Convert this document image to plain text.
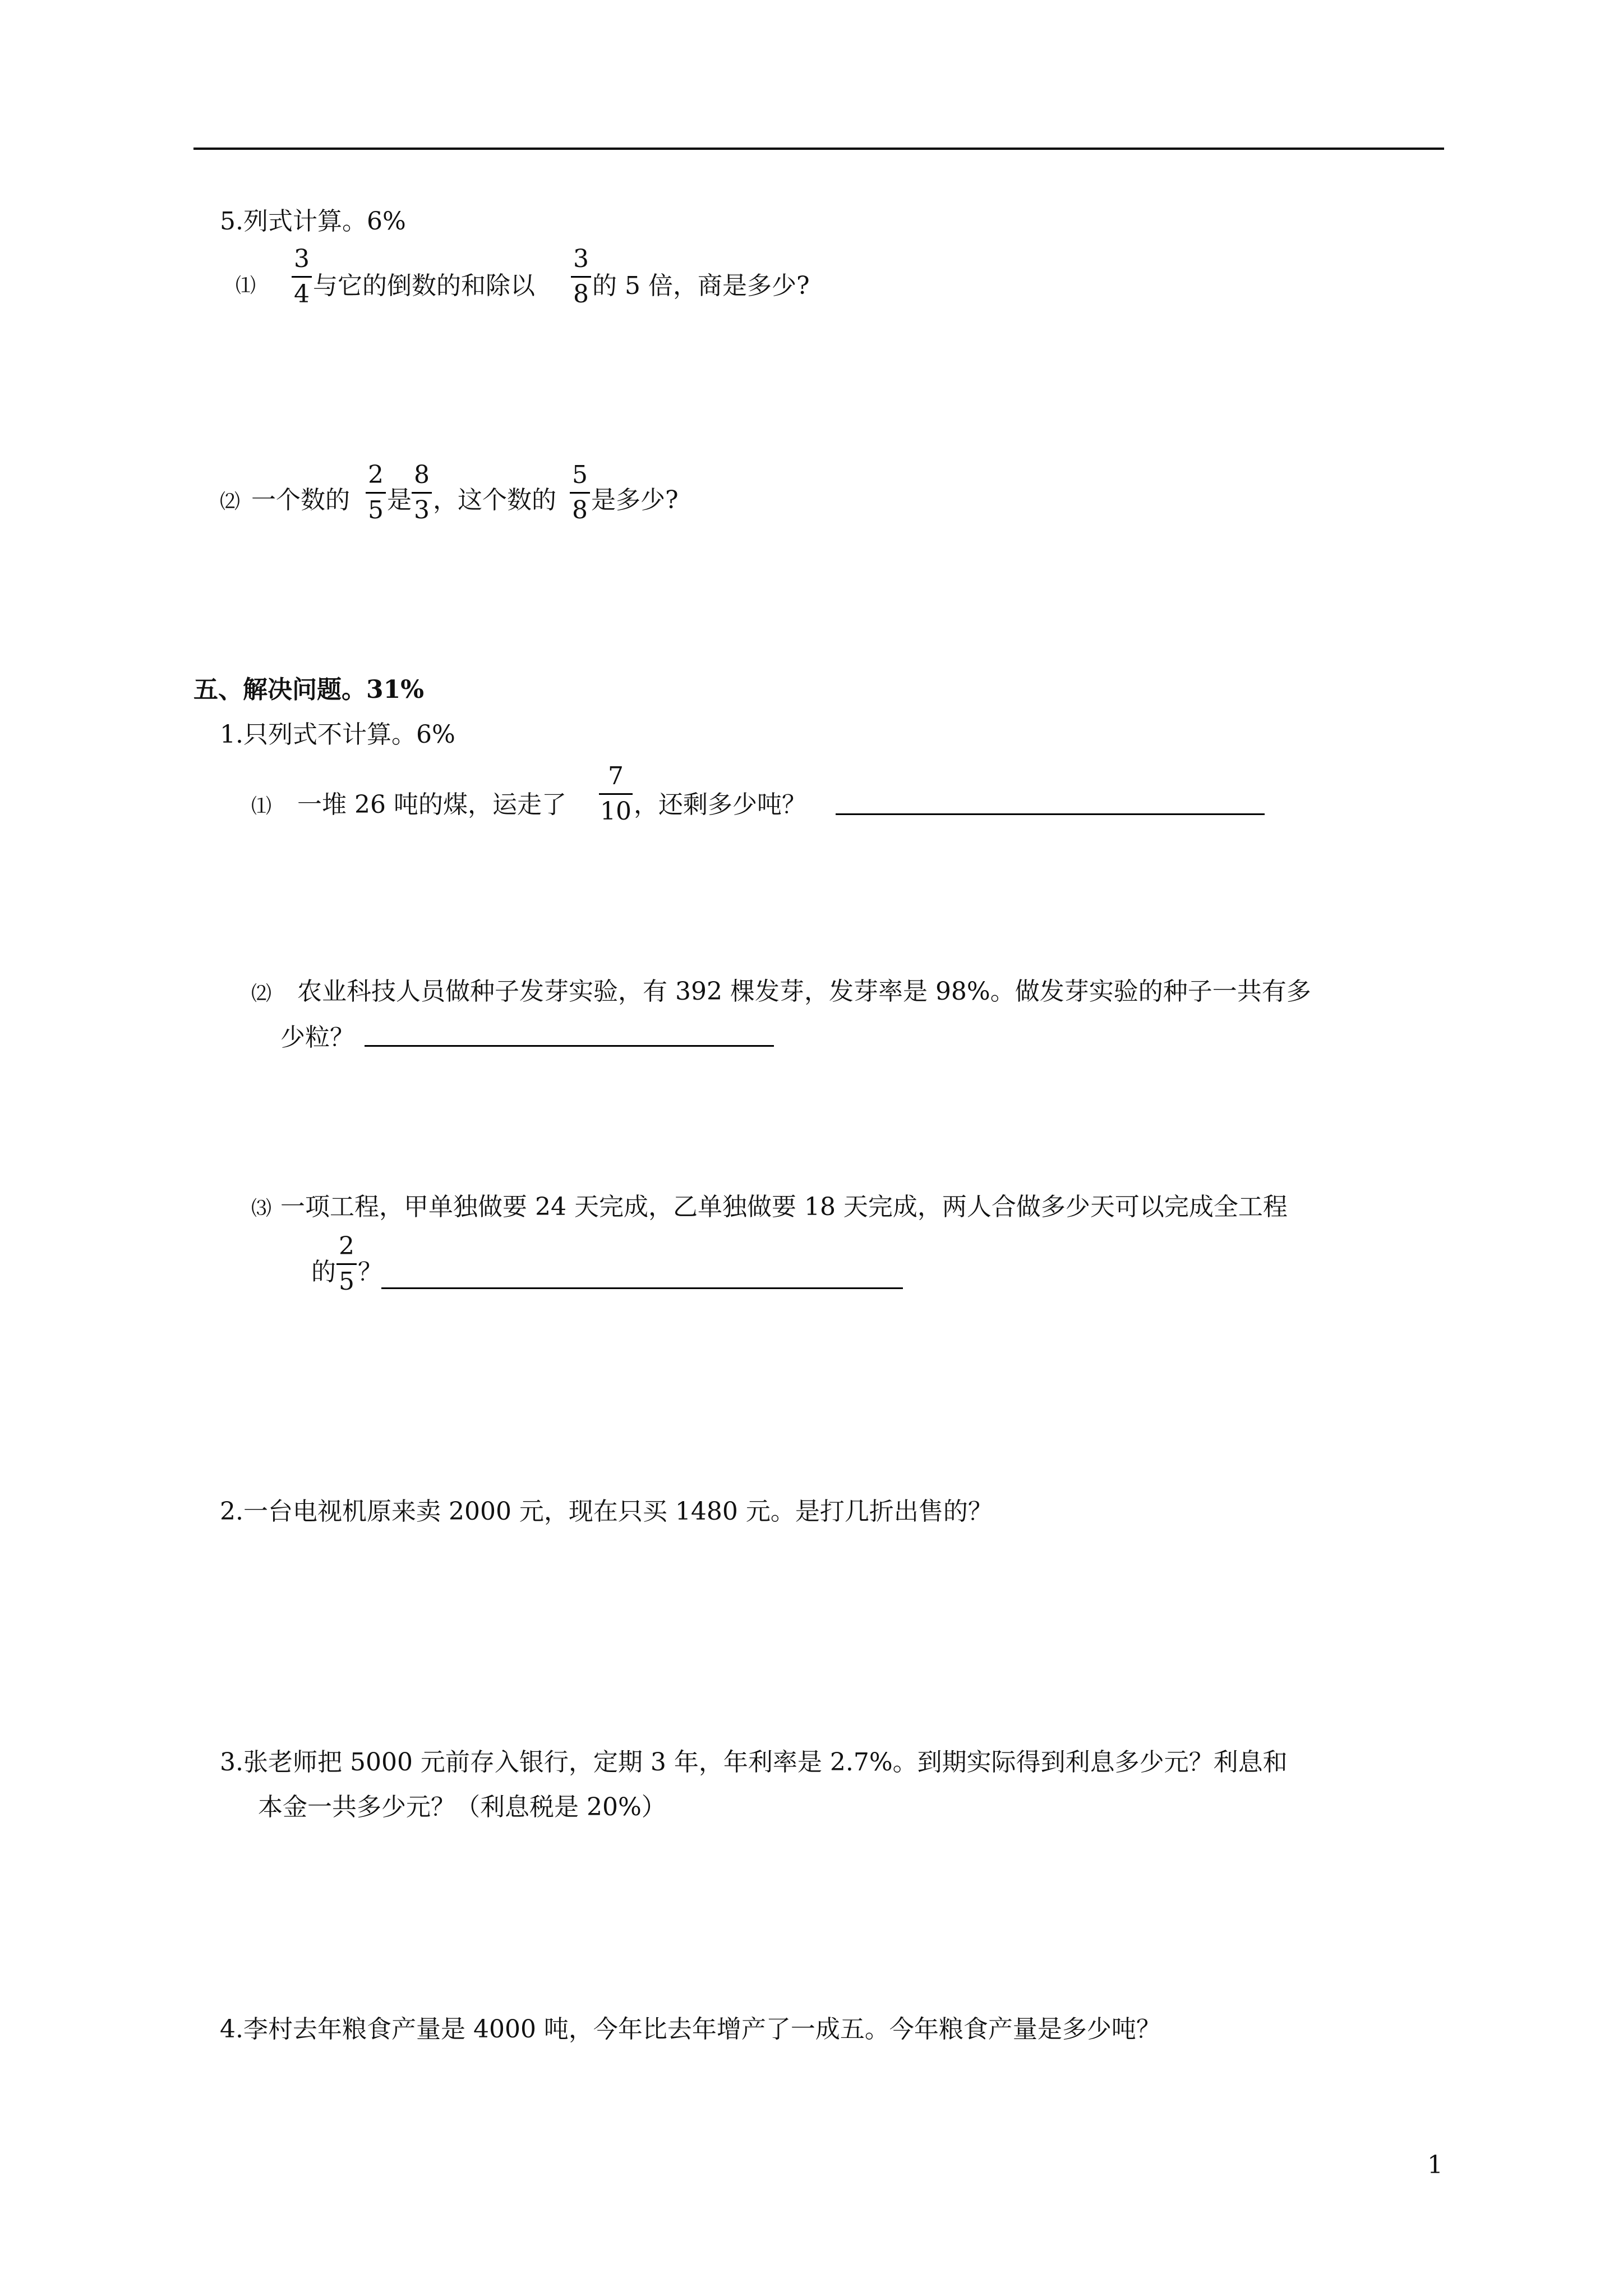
5.列式计算。6%
⑴
3
4 与它的倒数的和除以
3
8 的 5 倍，商是多少?
⑵ 一个数的
2
5 是
8
3 ，这个数的
5
8 是多少?
五、解决问题。31%
1.只列式不计算。6%
⑴ 一堆 26 吨的煤，运走了
7
10 ，还剩多少吨？
⑵ 农业科技人员做种子发芽实验，有 392 棵发芽，发芽率是 98%。做发芽实验的种子一共有多
少粒？
⑶ 一项工程，甲单独做要 24 天完成，乙单独做要 18 天完成，两人合做多少天可以完成全工程
的
2
5 ？
2.一台电视机原来卖 2000 元，现在只买 1480 元。是打几折出售的？
3.张老师把 5000 元前存入银行，定期 3 年，年利率是 2.7%。到期实际得到利息多少元？利息和
本金一共多少元？（利息税是 20%）
4.李村去年粮食产量是 4000 吨，今年比去年增产了一成五。今年粮食产量是多少吨？
1
